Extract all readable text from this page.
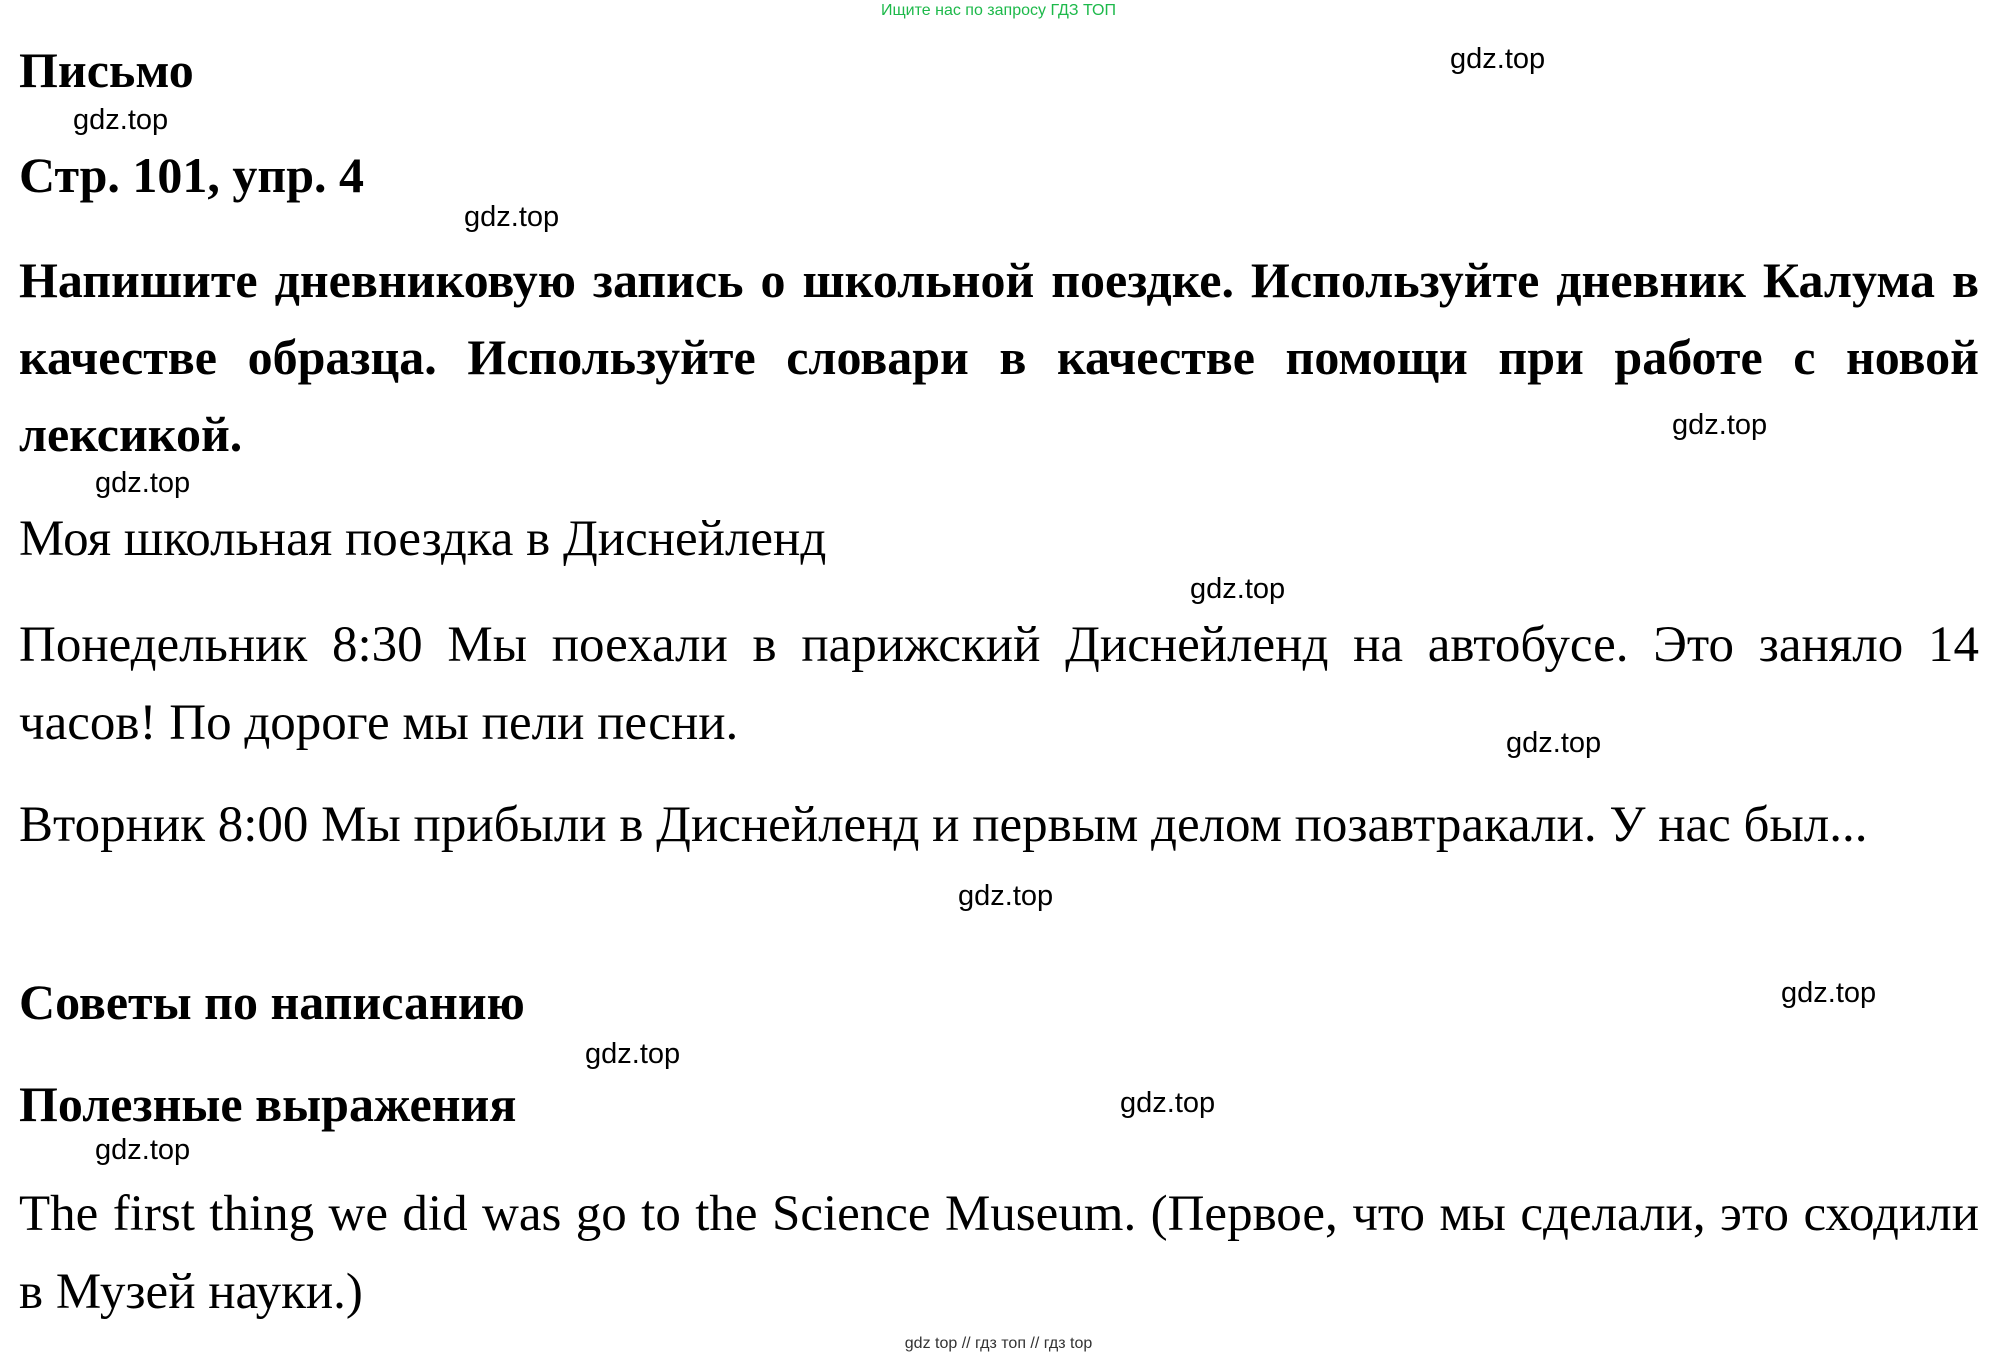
Ищите нас по запросу ГДЗ ТОП
Письмо
Стр. 101, упр. 4

Напишите дневниковую запись о школьной поездке. Используйте дневник Калума в качестве образца. Используйте словари в качестве помощи при работе с новой лексикой.

Моя школьная поездка в Диснейленд

Понедельник 8:30 Мы поехали в парижский Диснейленд на автобусе. Это заняло 14 часов! По дороге мы пели песни.

Вторник 8:00 Мы прибыли в Диснейленд и первым делом позавтракали. У нас был...

Советы по написанию
Полезные выражения

The first thing we did was go to the Science Museum. (Первое, что мы сделали, это сходили в Музей науки.)

gdz.top
gdz.top
gdz.top
gdz.top
gdz.top
gdz.top
gdz.top
gdz.top
gdz.top
gdz.top
gdz.top
gdz.top
gdz top // гдз топ // гдз top
